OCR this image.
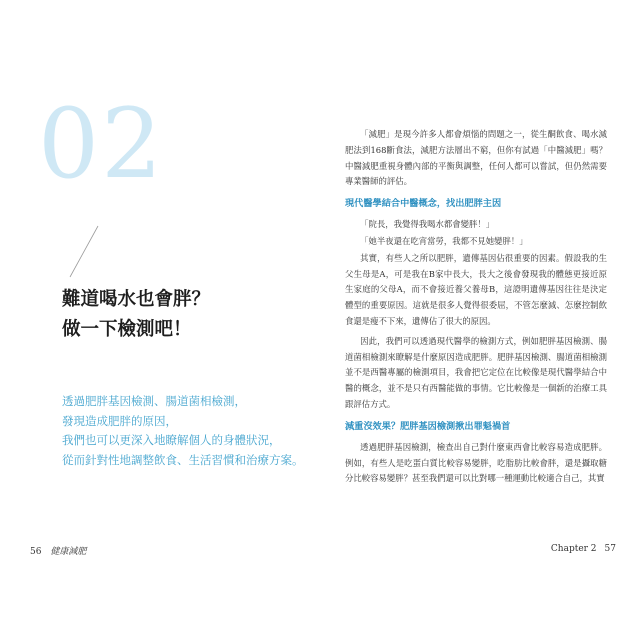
02
難道喝水也會胖？
做一下檢測吧！
透過肥胖基因檢測、腸道菌相檢測，
發現造成肥胖的原因，
我們也可以更深入地瞭解個人的身體狀況，
從而針對性地調整飲食、生活習慣和治療方案。
56 健康減肥

「減肥」是現今許多人都會煩惱的問題之一，從生酮飲食、喝水減肥法到168斷食法，減肥方法層出不窮，但你有試過「中醫減肥」嗎？中醫減肥重視身體內部的平衡與調整，任何人都可以嘗試，但仍然需要專業醫師的評估。

現代醫學結合中醫概念，找出肥胖主因

「院長，我覺得我喝水都會變胖！」

「她半夜還在吃宵當勞，我都不見她變胖！」

其實，有些人之所以肥胖，遺傳基因佔很重要的因素。假設我的生父生母是A，可是我在B家中長大，長大之後會發現我的體態更接近原生家庭的父母A，而不會接近養父養母B，這證明遺傳基因往往是決定體型的重要原因。這就是很多人覺得很委屈，不管怎麼減、怎麼控制飲食還是瘦不下來，遺傳佔了很大的原因。

因此，我們可以透過現代醫學的檢測方式，例如肥胖基因檢測、腸道菌相檢測來瞭解是什麼原因造成肥胖。肥胖基因檢測、腸道菌相檢測並不是西醫專屬的檢測項目，我會把它定位在比較像是現代醫學結合中醫的概念，並不是只有西醫能做的事情。它比較像是一個新的治療工具跟評估方式。

減重沒效果？肥胖基因檢測揪出罪魁禍首

透過肥胖基因檢測，檢查出自己對什麼東西會比較容易造成肥胖。例如，有些人是吃蛋白質比較容易變胖，吃脂肪比較會胖，還是攝取糖分比較容易變胖？甚至我們還可以比對哪一種運動比較適合自己，其實

Chapter 2 57
